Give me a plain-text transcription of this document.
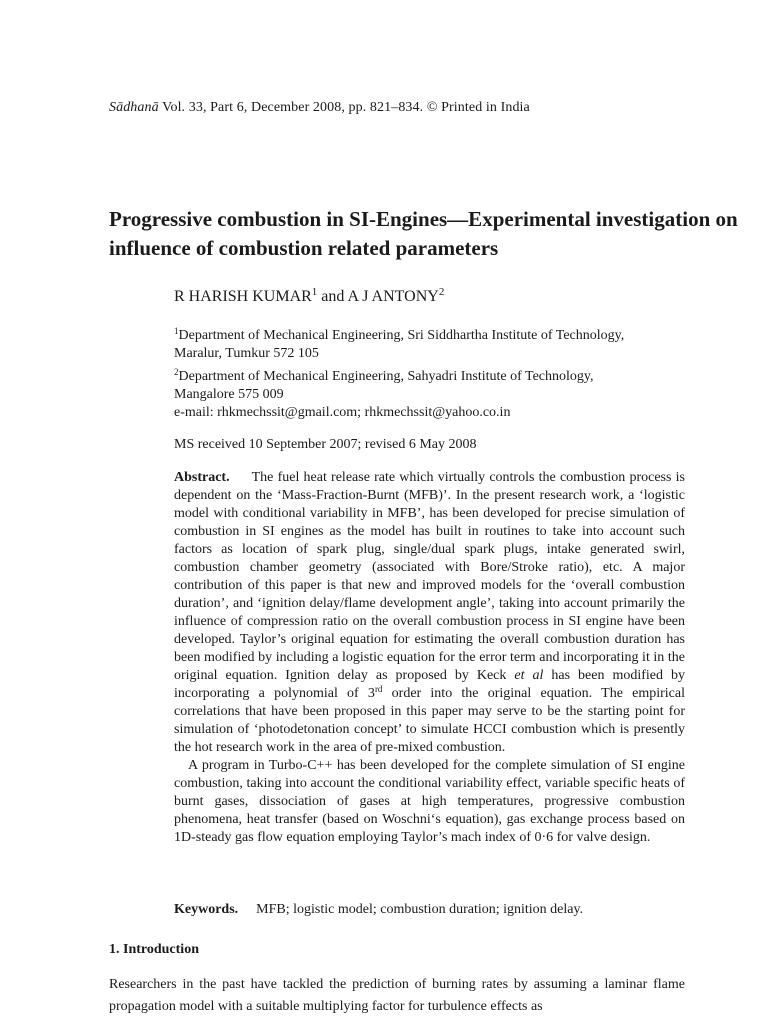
Sādhanā Vol. 33, Part 6, December 2008, pp. 821–834. © Printed in India
Progressive combustion in SI-Engines—Experimental investigation on influence of combustion related parameters
R HARISH KUMAR$^1$ and A J ANTONY$^2$
$^1$Department of Mechanical Engineering, Sri Siddhartha Institute of Technology,
Maralur, Tumkur 572 105
$^2$Department of Mechanical Engineering, Sahyadri Institute of Technology,
Mangalore 575 009
e-mail: rhkmechssit@gmail.com; rhkmechssit@yahoo.co.in
MS received 10 September 2007; revised 6 May 2008

Abstract. The fuel heat release rate which virtually controls the combustion process is dependent on the ‘Mass-Fraction-Burnt (MFB)’. In the present research work, a ‘logistic model with conditional variability in MFB’, has been developed for precise simulation of combustion in SI engines as the model has built in routines to take into account such factors as location of spark plug, single/dual spark plugs, intake generated swirl, combustion chamber geometry (associated with Bore/Stroke ratio), etc. A major contribution of this paper is that new and improved models for the ‘overall combustion duration’, and ‘ignition delay/flame development angle’, taking into account primarily the influence of compression ratio on the overall combustion process in SI engine have been developed. Taylor’s original equation for estimating the overall combustion duration has been modified by including a logistic equation for the error term and incorporating it in the original equation. Ignition delay as proposed by Keck et al has been modified by incorporating a polynomial of 3rd order into the original equation. The empirical correlations that have been proposed in this paper may serve to be the starting point for simulation of ‘photodetonation concept’ to simulate HCCI combustion which is presently the hot research work in the area of pre-mixed combustion.

A program in Turbo-C++ has been developed for the complete simulation of SI engine combustion, taking into account the conditional variability effect, variable specific heats of burnt gases, dissociation of gases at high temperatures, progressive combustion phenomena, heat transfer (based on Woschni‘s equation), gas exchange process based on 1D-steady gas flow equation employing Taylor’s mach index of 0·6 for valve design.

Keywords. MFB; logistic model; combustion duration; ignition delay.
1. Introduction

Researchers in the past have tackled the prediction of burning rates by assuming a laminar flame propagation model with a suitable multiplying factor for turbulence effects as
